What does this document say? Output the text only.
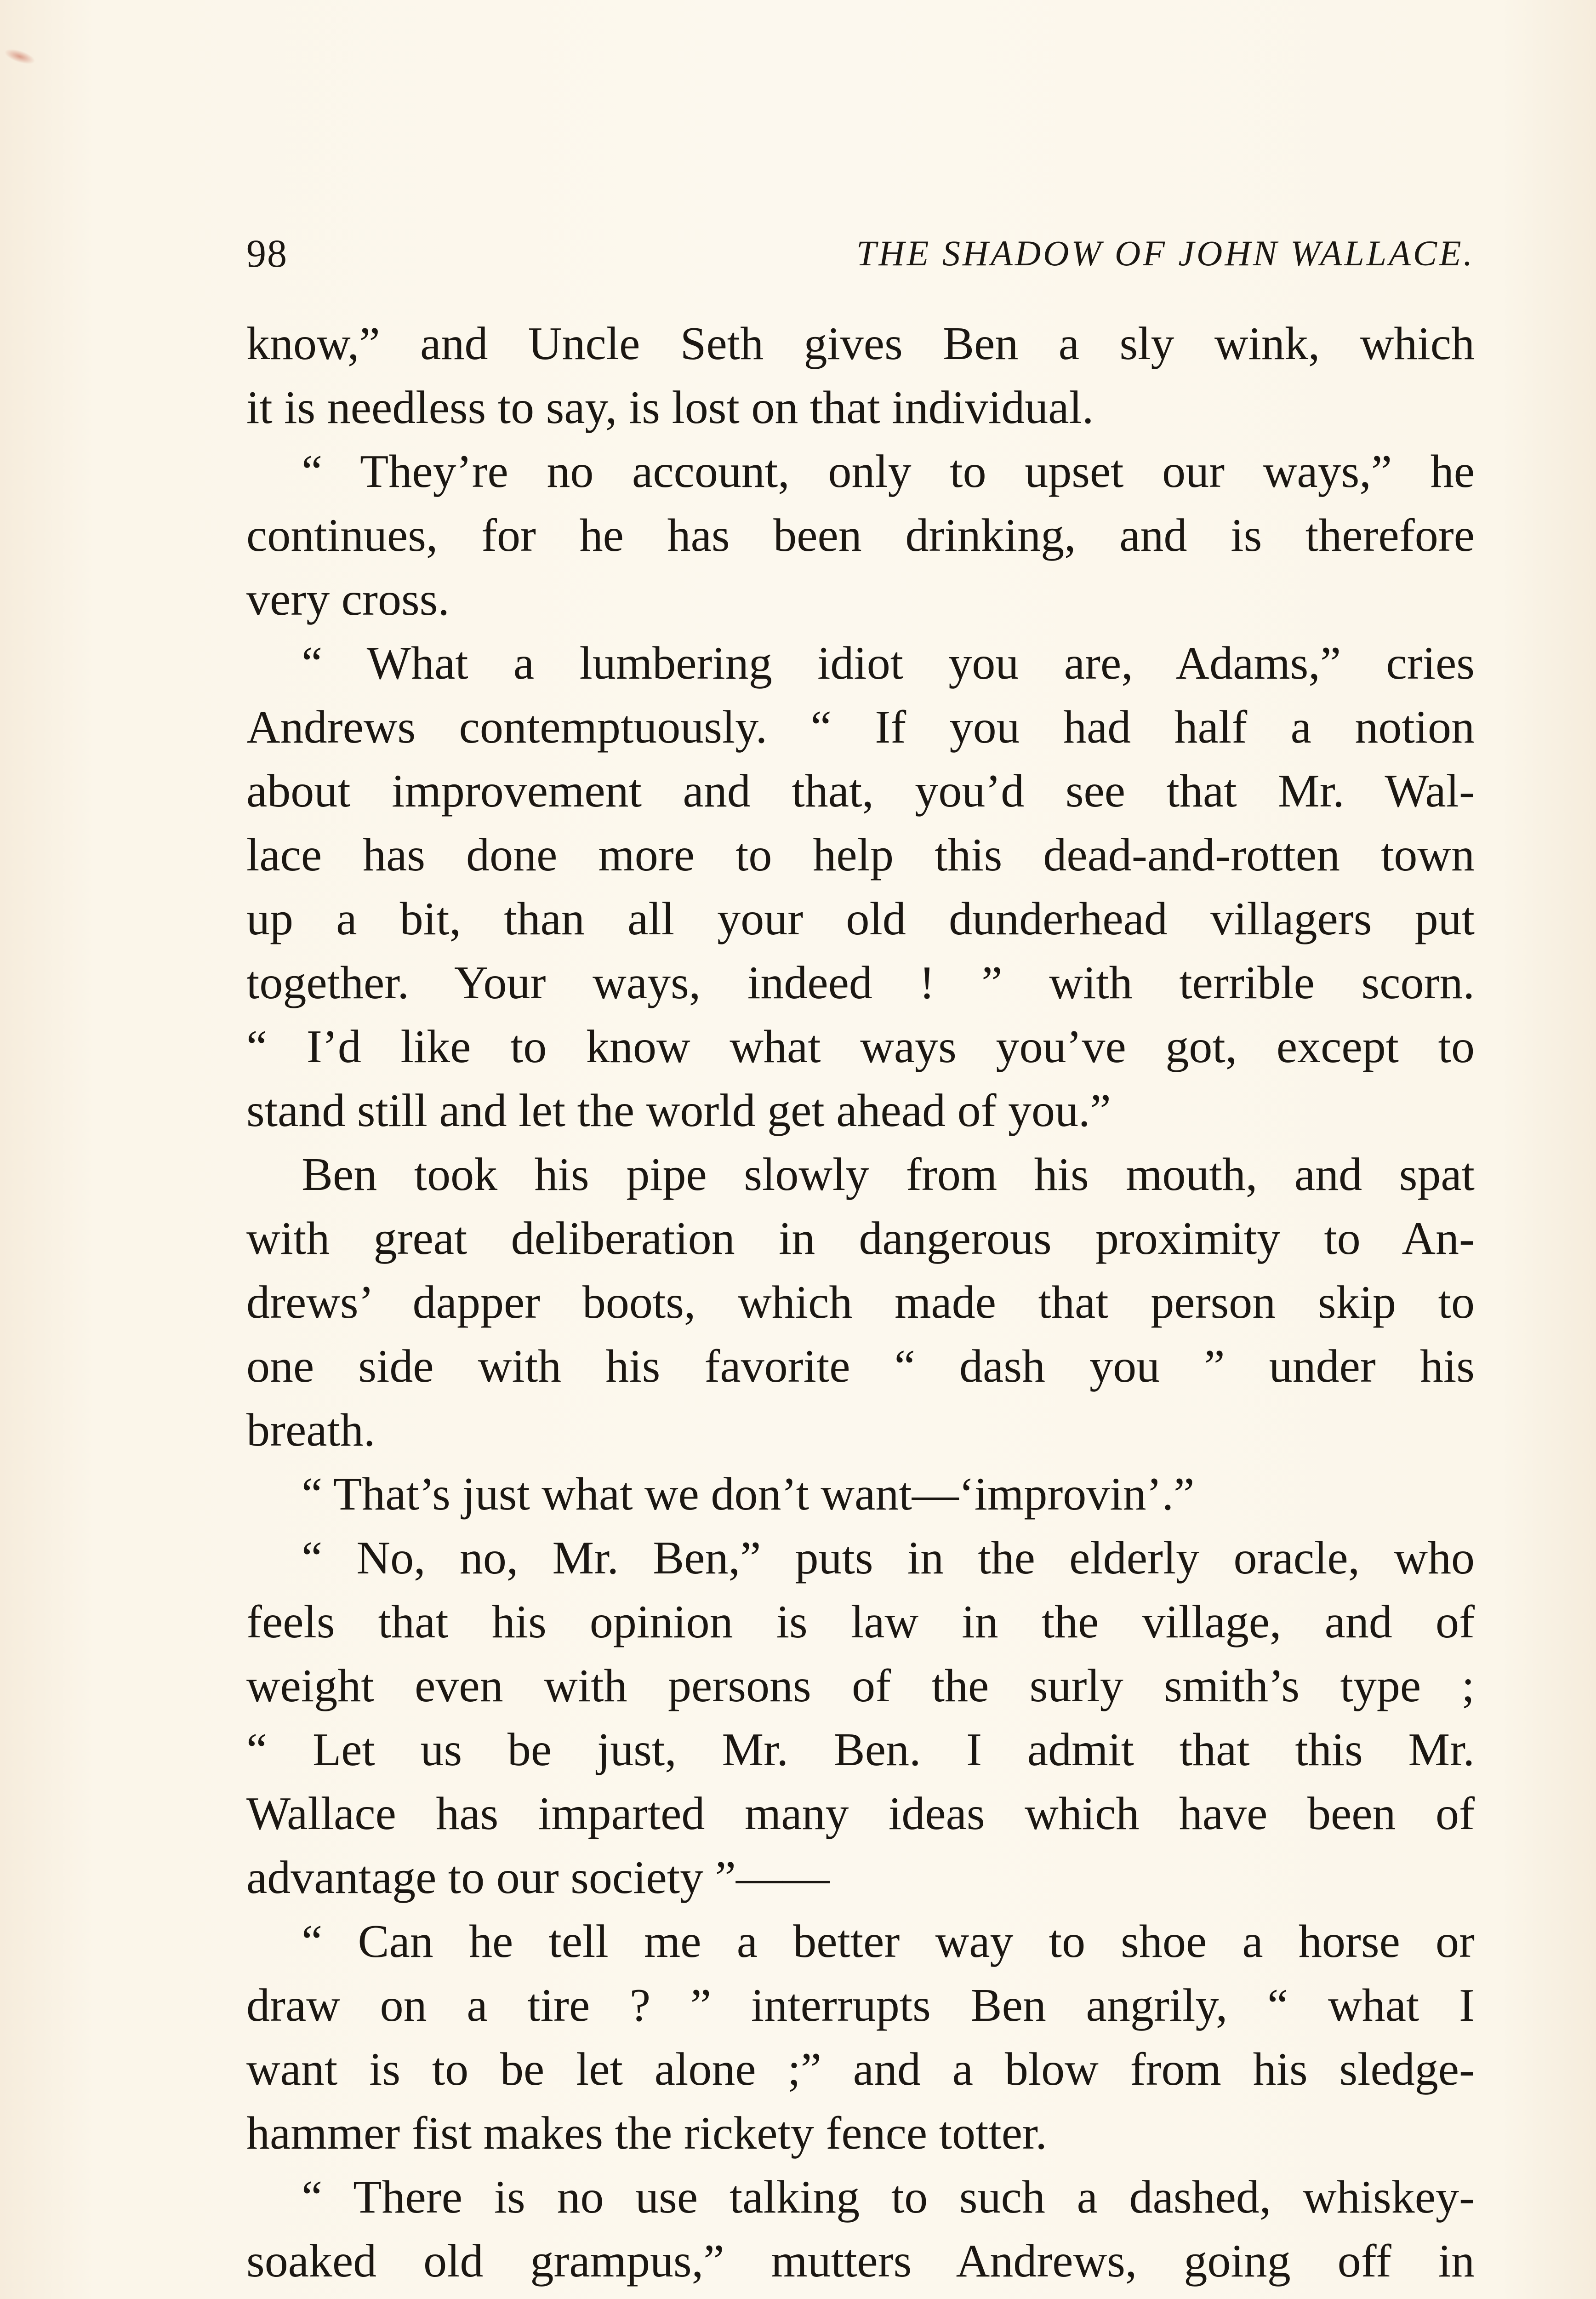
98	THE SHADOW OF JOHN WALLACE.
know,” and Uncle Seth gives Ben a sly wink, which
it is needless to say, is lost on that individual.
“ They’re no account, only to upset our ways,” he
continues, for he has been drinking, and is therefore
very cross.
“ What a lumbering idiot you are, Adams,” cries
Andrews contemptuously. “ If you had half a notion
about improvement and that, you’d see that Mr. Wal-
lace has done more to help this dead-and-rotten town
up a bit, than all your old dunderhead villagers put
together. Your ways, indeed ! ” with terrible scorn.
“ I’d like to know what ways you’ve got, except to
stand still and let the world get ahead of you.”
Ben took his pipe slowly from his mouth, and spat
with great deliberation in dangerous proximity to An-
drews’ dapper boots, which made that person skip to
one side with his favorite “ dash you ” under his
breath.
“ That’s just what we don’t want—‘improvin’.”
“ No, no, Mr. Ben,” puts in the elderly oracle, who
feels that his opinion is law in the village, and of
weight even with persons of the surly smith’s type ;
“ Let us be just, Mr. Ben. I admit that this Mr.
Wallace has imparted many ideas which have been of
advantage to our society ”——
“ Can he tell me a better way to shoe a horse or
draw on a tire ? ” interrupts Ben angrily, “ what I
want is to be let alone ;” and a blow from his sledge-
hammer fist makes the rickety fence totter.
“ There is no use talking to such a dashed, whiskey-
soaked old grampus,” mutters Andrews, going off in
